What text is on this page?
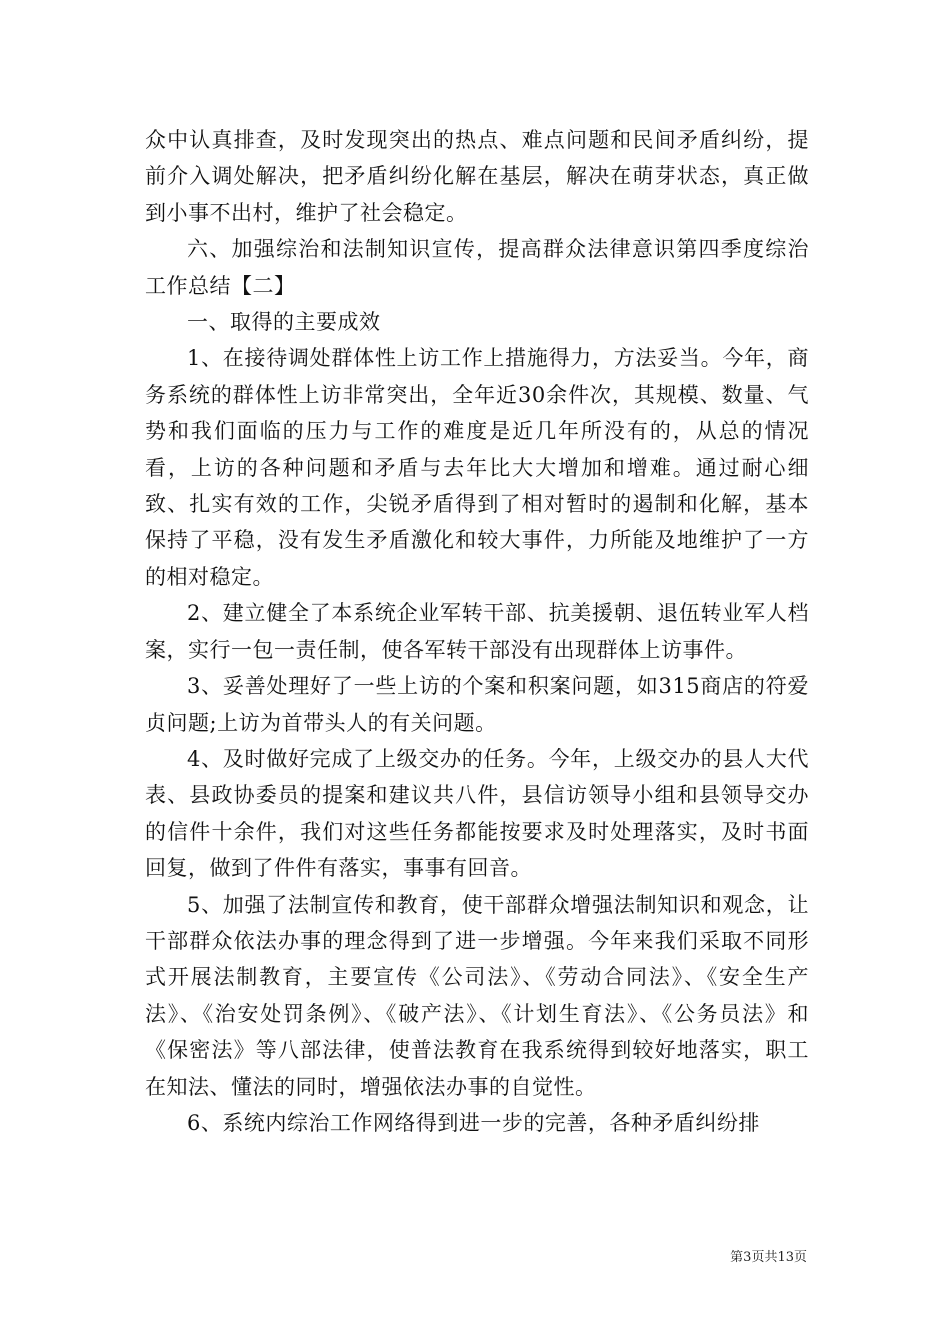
众中认真排查，及时发现突出的热点、难点问题和民间矛盾纠纷，提前介入调处解决，把矛盾纠纷化解在基层，解决在萌芽状态，真正做到小事不出村，维护了社会稳定。

六、加强综治和法制知识宣传，提高群众法律意识第四季度综治工作总结【二】

一、取得的主要成效

1、在接待调处群体性上访工作上措施得力，方法妥当。今年，商务系统的群体性上访非常突出，全年近30余件次，其规模、数量、气势和我们面临的压力与工作的难度是近几年所没有的，从总的情况看，上访的各种问题和矛盾与去年比大大增加和增难。通过耐心细致、扎实有效的工作，尖锐矛盾得到了相对暂时的遏制和化解，基本保持了平稳，没有发生矛盾激化和较大事件，力所能及地维护了一方的相对稳定。

2、建立健全了本系统企业军转干部、抗美援朝、退伍转业军人档案，实行一包一责任制，使各军转干部没有出现群体上访事件。

3、妥善处理好了一些上访的个案和积案问题，如315商店的符爱贞问题;上访为首带头人的有关问题。

4、及时做好完成了上级交办的任务。今年，上级交办的县人大代表、县政协委员的提案和建议共八件，县信访领导小组和县领导交办的信件十余件，我们对这些任务都能按要求及时处理落实，及时书面回复，做到了件件有落实，事事有回音。

5、加强了法制宣传和教育，使干部群众增强法制知识和观念，让干部群众依法办事的理念得到了进一步增强。今年来我们采取不同形式开展法制教育，主要宣传《公司法》、《劳动合同法》、《安全生产法》、《治安处罚条例》、《破产法》、《计划生育法》、《公务员法》和《保密法》等八部法律，使普法教育在我系统得到较好地落实，职工在知法、懂法的同时，增强依法办事的自觉性。

6、系统内综治工作网络得到进一步的完善，各种矛盾纠纷排

第3页共13页
